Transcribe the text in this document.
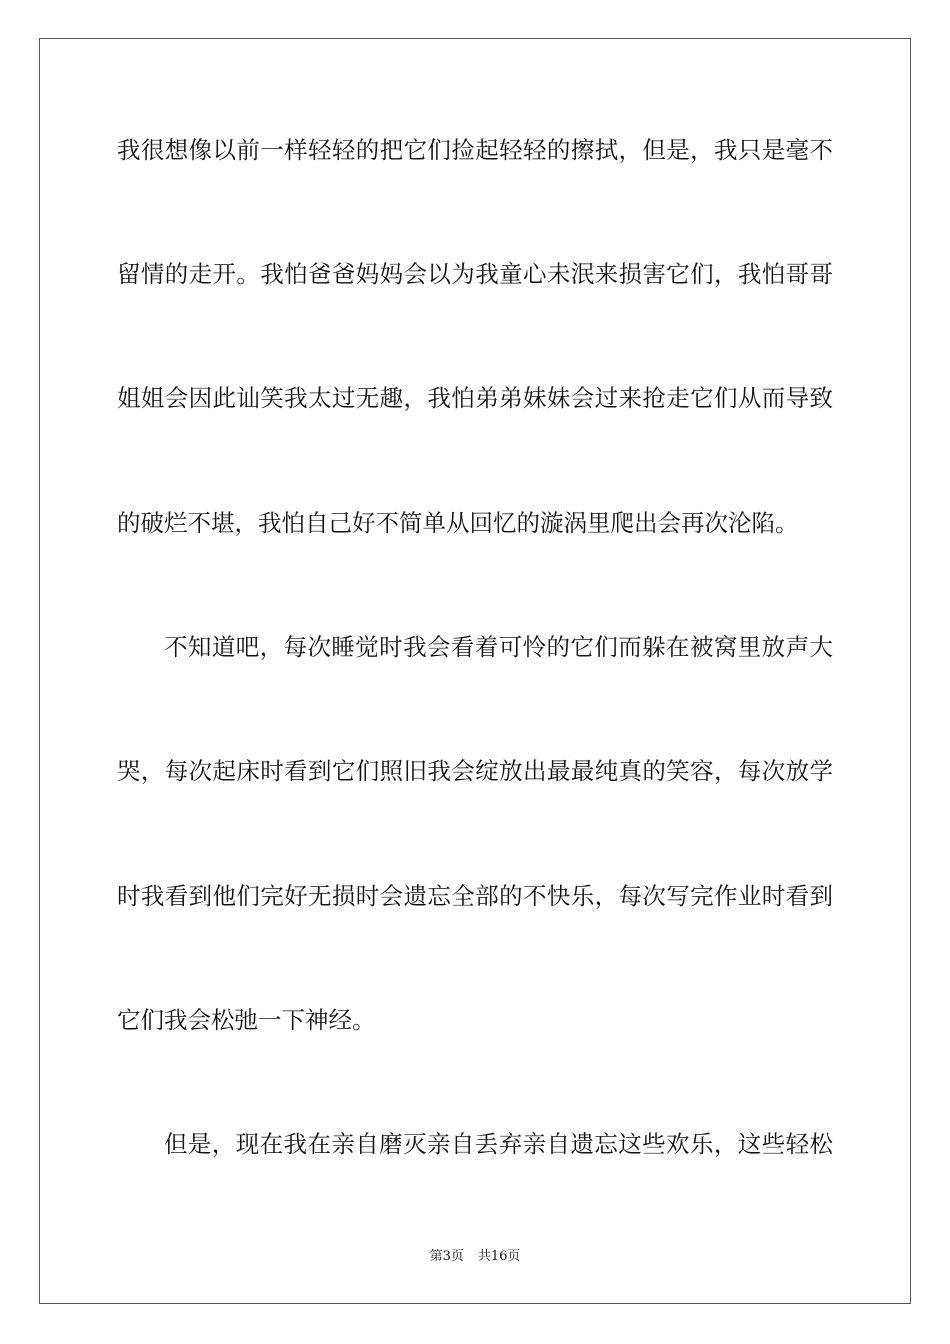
我很想像以前一样轻轻的把它们捡起轻轻的擦拭，但是，我只是毫不
留情的走开。我怕爸爸妈妈会以为我童心未泯来损害它们，我怕哥哥
姐姐会因此讪笑我太过无趣，我怕弟弟妹妹会过来抢走它们从而导致
的破烂不堪，我怕自己好不简单从回忆的漩涡里爬出会再次沦陷。
不知道吧，每次睡觉时我会看着可怜的它们而躲在被窝里放声大
哭，每次起床时看到它们照旧我会绽放出最最纯真的笑容，每次放学
时我看到他们完好无损时会遗忘全部的不快乐，每次写完作业时看到
它们我会松弛一下神经。
但是，现在我在亲自磨灭亲自丢弃亲自遗忘这些欢乐，这些轻松
第3页 共16页
